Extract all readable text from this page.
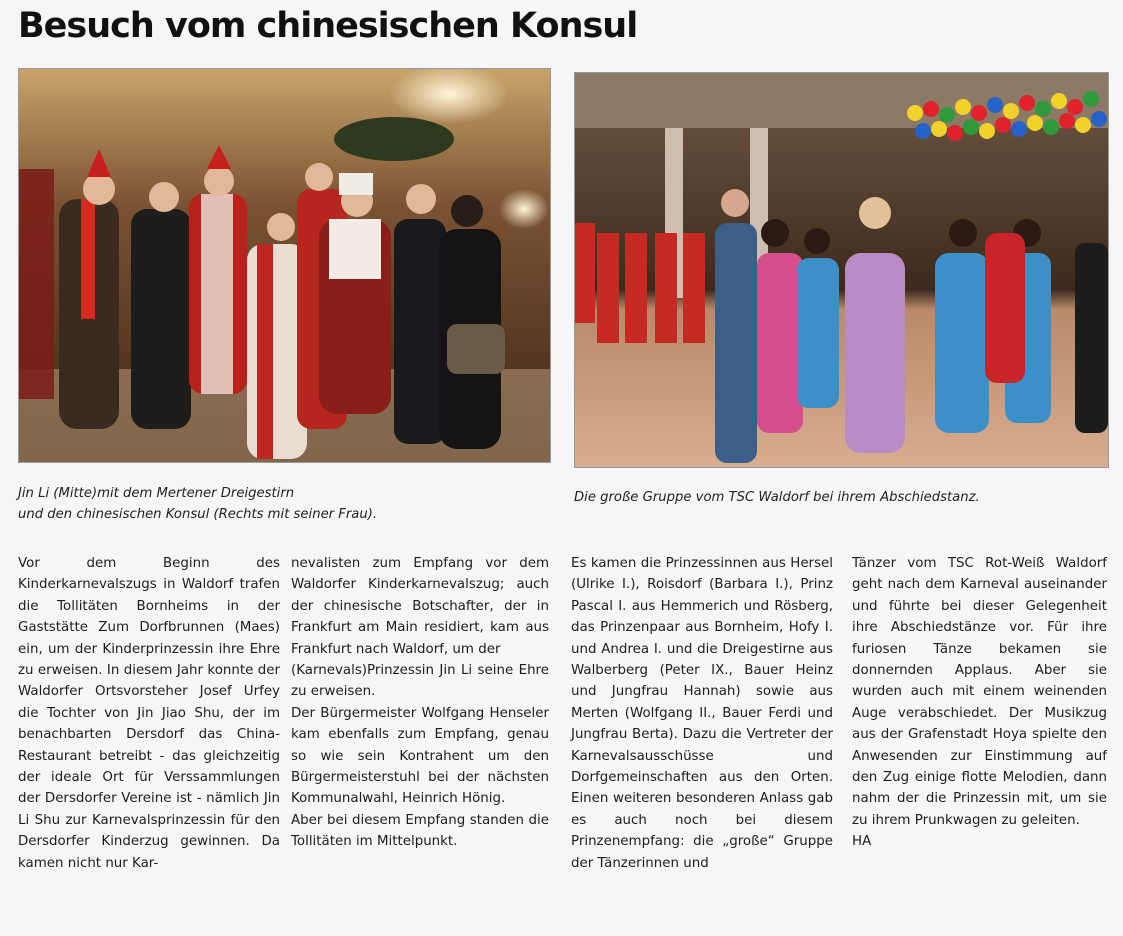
Besuch vom chinesischen Konsul
Jin Li (Mitte)mit dem Mertener Dreigestirn
und den chinesischen Konsul (Rechts mit seiner Frau).
Die große Gruppe vom TSC Waldorf bei ihrem Abschiedstanz.

Vor dem Beginn des Kinderkarnevalszugs in Waldorf trafen die Tollitäten Bornheims in der Gaststätte Zum Dorfbrunnen (Maes) ein, um der Kinderprinzessin ihre Ehre zu erweisen. In diesem Jahr konnte der Waldorfer Ortsvorsteher Josef Urfey die Tochter von Jin Jiao Shu, der im benachbarten Dersdorf das China-Restaurant betreibt - das gleichzeitig der ideale Ort für Verssammlungen der Dersdorfer Vereine ist - nämlich Jin Li Shu zur Karnevalsprinzessin für den Dersdorfer Kinderzug gewinnen. Da kamen nicht nur Kar-

nevalisten zum Empfang vor dem Waldorfer Kinderkarnevalszug; auch der chinesische Botschafter, der in Frankfurt am Main residiert, kam aus Frankfurt nach Waldorf, um der

(Karnevals)Prinzessin Jin Li seine Ehre zu erweisen.

Der Bürgermeister Wolfgang Henseler kam ebenfalls zum Empfang, genau so wie sein Kontrahent um den Bürgermeisterstuhl bei der nächsten Kommunalwahl, Heinrich Hönig.

Aber bei diesem Empfang standen die Tollitäten im Mittelpunkt.

Es kamen die Prinzessinnen aus Hersel (Ulrike I.), Roisdorf (Barbara I.), Prinz Pascal I. aus Hemmerich und Rösberg, das Prinzenpaar aus Bornheim, Hofy I. und Andrea I. und die Dreigestirne aus Walberberg (Peter IX., Bauer Heinz und Jungfrau Hannah) sowie aus Merten (Wolfgang II., Bauer Ferdi und Jungfrau Berta). Dazu die Vertreter der Karnevalsausschüsse und Dorfgemeinschaften aus den Orten. Einen weiteren besonderen Anlass gab es auch noch bei diesem Prinzenempfang: die „große“ Gruppe der Tänzerinnen und

Tänzer vom TSC Rot-Weiß Waldorf geht nach dem Karneval auseinander und führte bei dieser Gelegenheit ihre Abschiedstänze vor. Für ihre furiosen Tänze bekamen sie donnernden Applaus. Aber sie wurden auch mit einem weinenden Auge verabschiedet. Der Musikzug aus der Grafenstadt Hoya spielte den Anwesenden zur Einstimmung auf den Zug einige flotte Melodien, dann nahm der die Prinzessin mit, um sie zu ihrem Prunkwagen zu geleiten.

HA
